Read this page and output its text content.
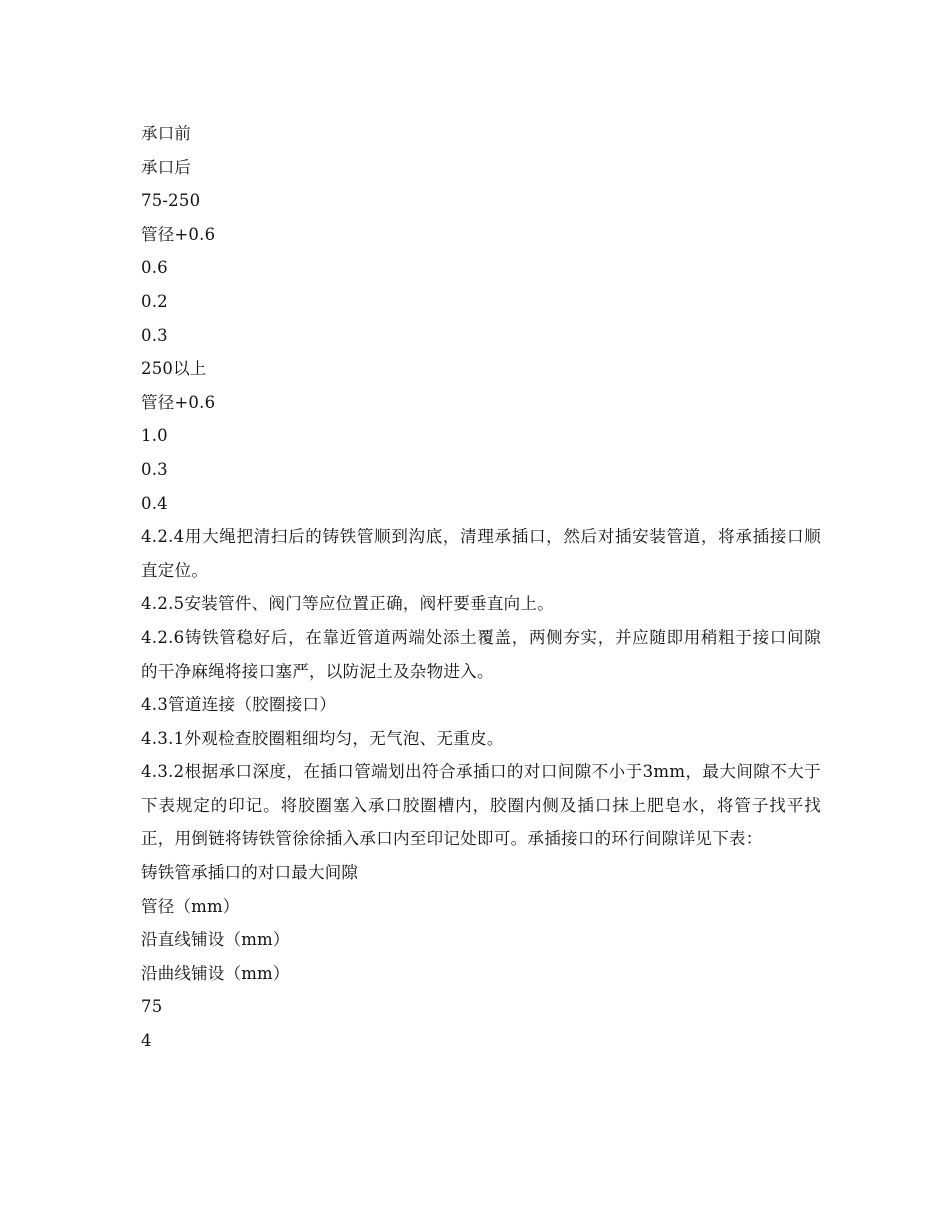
承口前

承口后

75-250

管径+0.6

0.6

0.2

0.3

250以上

管径+0.6

1.0

0.3

0.4

4.2.4用大绳把清扫后的铸铁管顺到沟底，清理承插口，然后对插安装管道，将承插接口顺直定位。

4.2.5安装管件、阀门等应位置正确，阀杆要垂直向上。

4.2.6铸铁管稳好后，在靠近管道两端处添土覆盖，两侧夯实，并应随即用稍粗于接口间隙的干净麻绳将接口塞严，以防泥土及杂物进入。

4.3管道连接（胶圈接口）

4.3.1外观检查胶圈粗细均匀，无气泡、无重皮。

4.3.2根据承口深度，在插口管端划出符合承插口的对口间隙不小于3mm，最大间隙不大于下表规定的印记。将胶圈塞入承口胶圈槽内，胶圈内侧及插口抹上肥皂水，将管子找平找正，用倒链将铸铁管徐徐插入承口内至印记处即可。承插接口的环行间隙详见下表：

铸铁管承插口的对口最大间隙

管径（mm）

沿直线铺设（mm）

沿曲线铺设（mm）

75

4
